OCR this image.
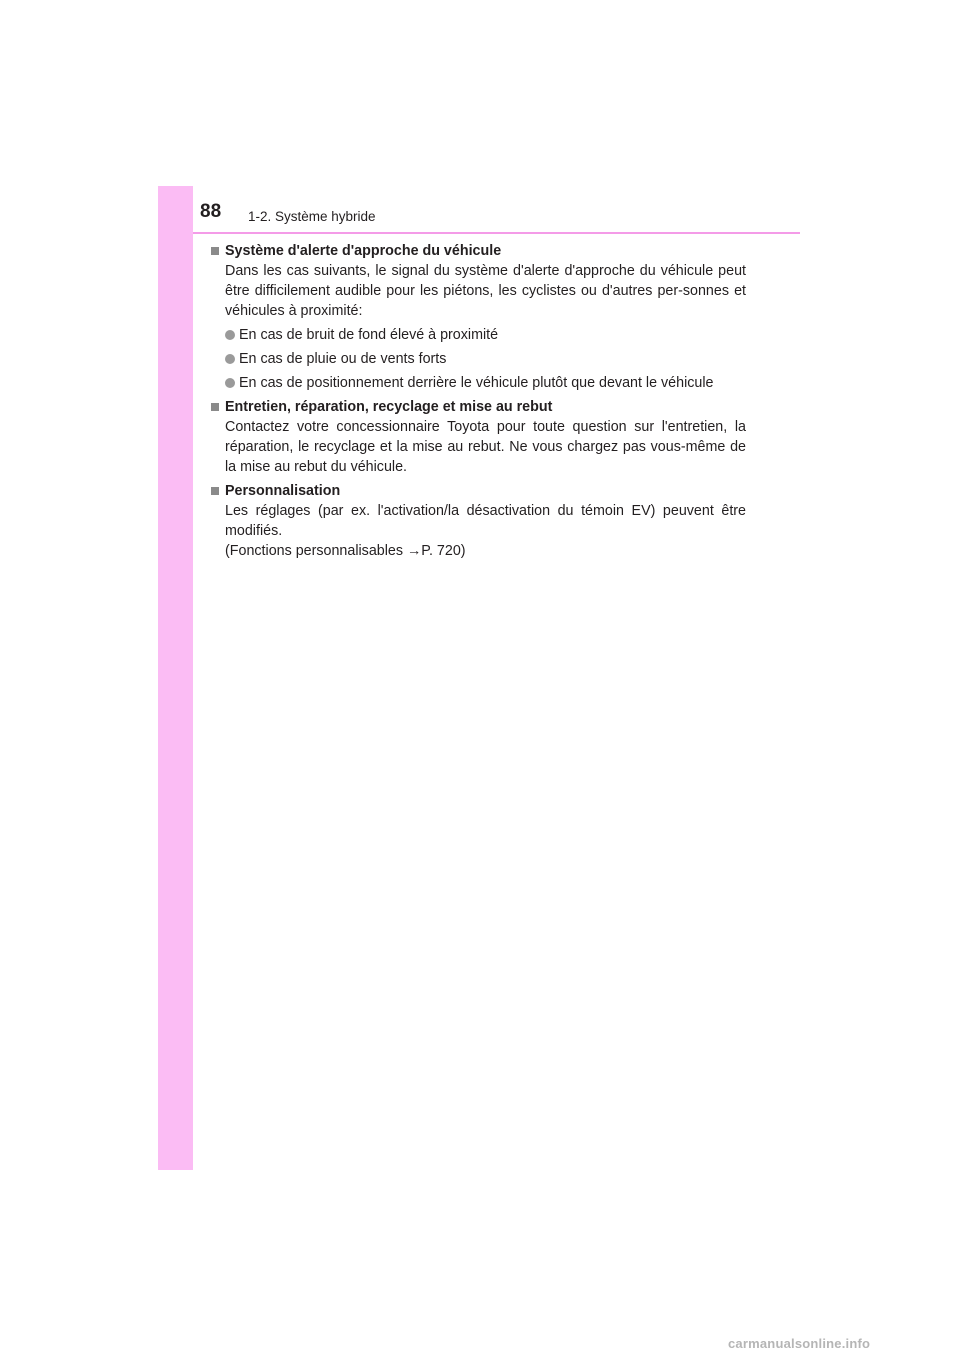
88 1-2. Système hybride
Système d'alerte d'approche du véhicule
Dans les cas suivants, le signal du système d'alerte d'approche du véhicule peut être difficilement audible pour les piétons, les cyclistes ou d'autres per-sonnes et véhicules à proximité:
En cas de bruit de fond élevé à proximité
En cas de pluie ou de vents forts
En cas de positionnement derrière le véhicule plutôt que devant le véhicule
Entretien, réparation, recyclage et mise au rebut
Contactez votre concessionnaire Toyota pour toute question sur l'entretien, la réparation, le recyclage et la mise au rebut. Ne vous chargez pas vous-même de la mise au rebut du véhicule.
Personnalisation
Les réglages (par ex. l'activation/la désactivation du témoin EV) peuvent être modifiés.
(Fonctions personnalisables →P. 720)
carmanualsonline.info
